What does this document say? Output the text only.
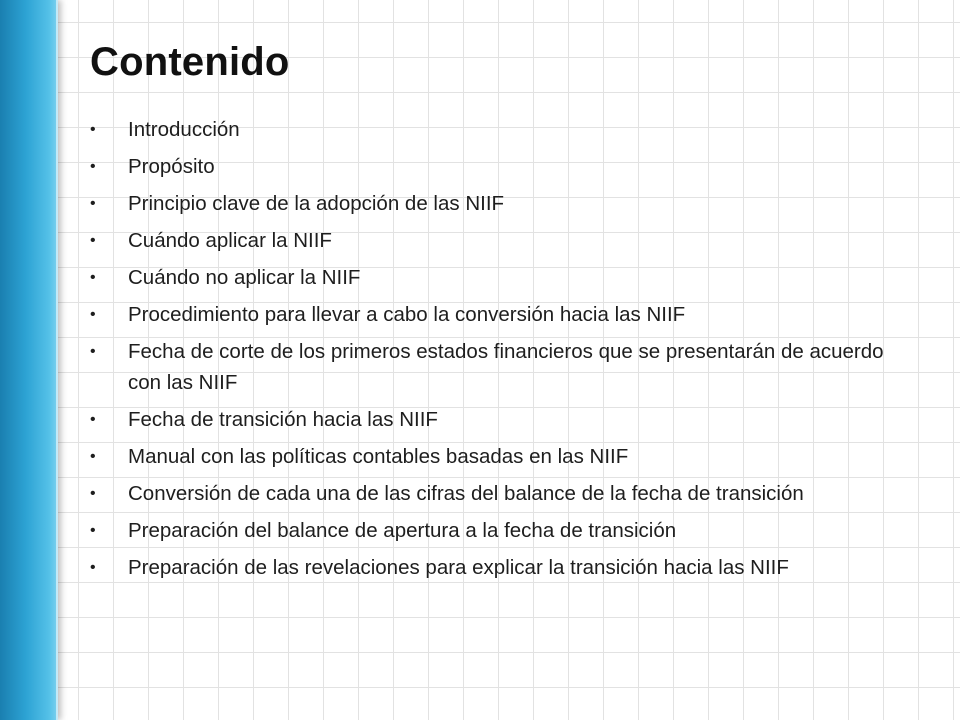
Contenido
•	Introducción
•	Propósito
•	Principio clave de la adopción de las NIIF
•	Cuándo aplicar la NIIF
•	Cuándo no aplicar la NIIF
•	Procedimiento para llevar a cabo la conversión hacia las NIIF
•	Fecha de corte de los primeros estados financieros que se presentarán de acuerdo con las NIIF
•	Fecha de transición hacia las NIIF
•	Manual con las políticas contables basadas en las NIIF
•	Conversión de cada una de las cifras del balance de la fecha de transición
•	Preparación del balance de apertura a la fecha de transición
•	Preparación de las revelaciones para explicar la transición hacia las NIIF
